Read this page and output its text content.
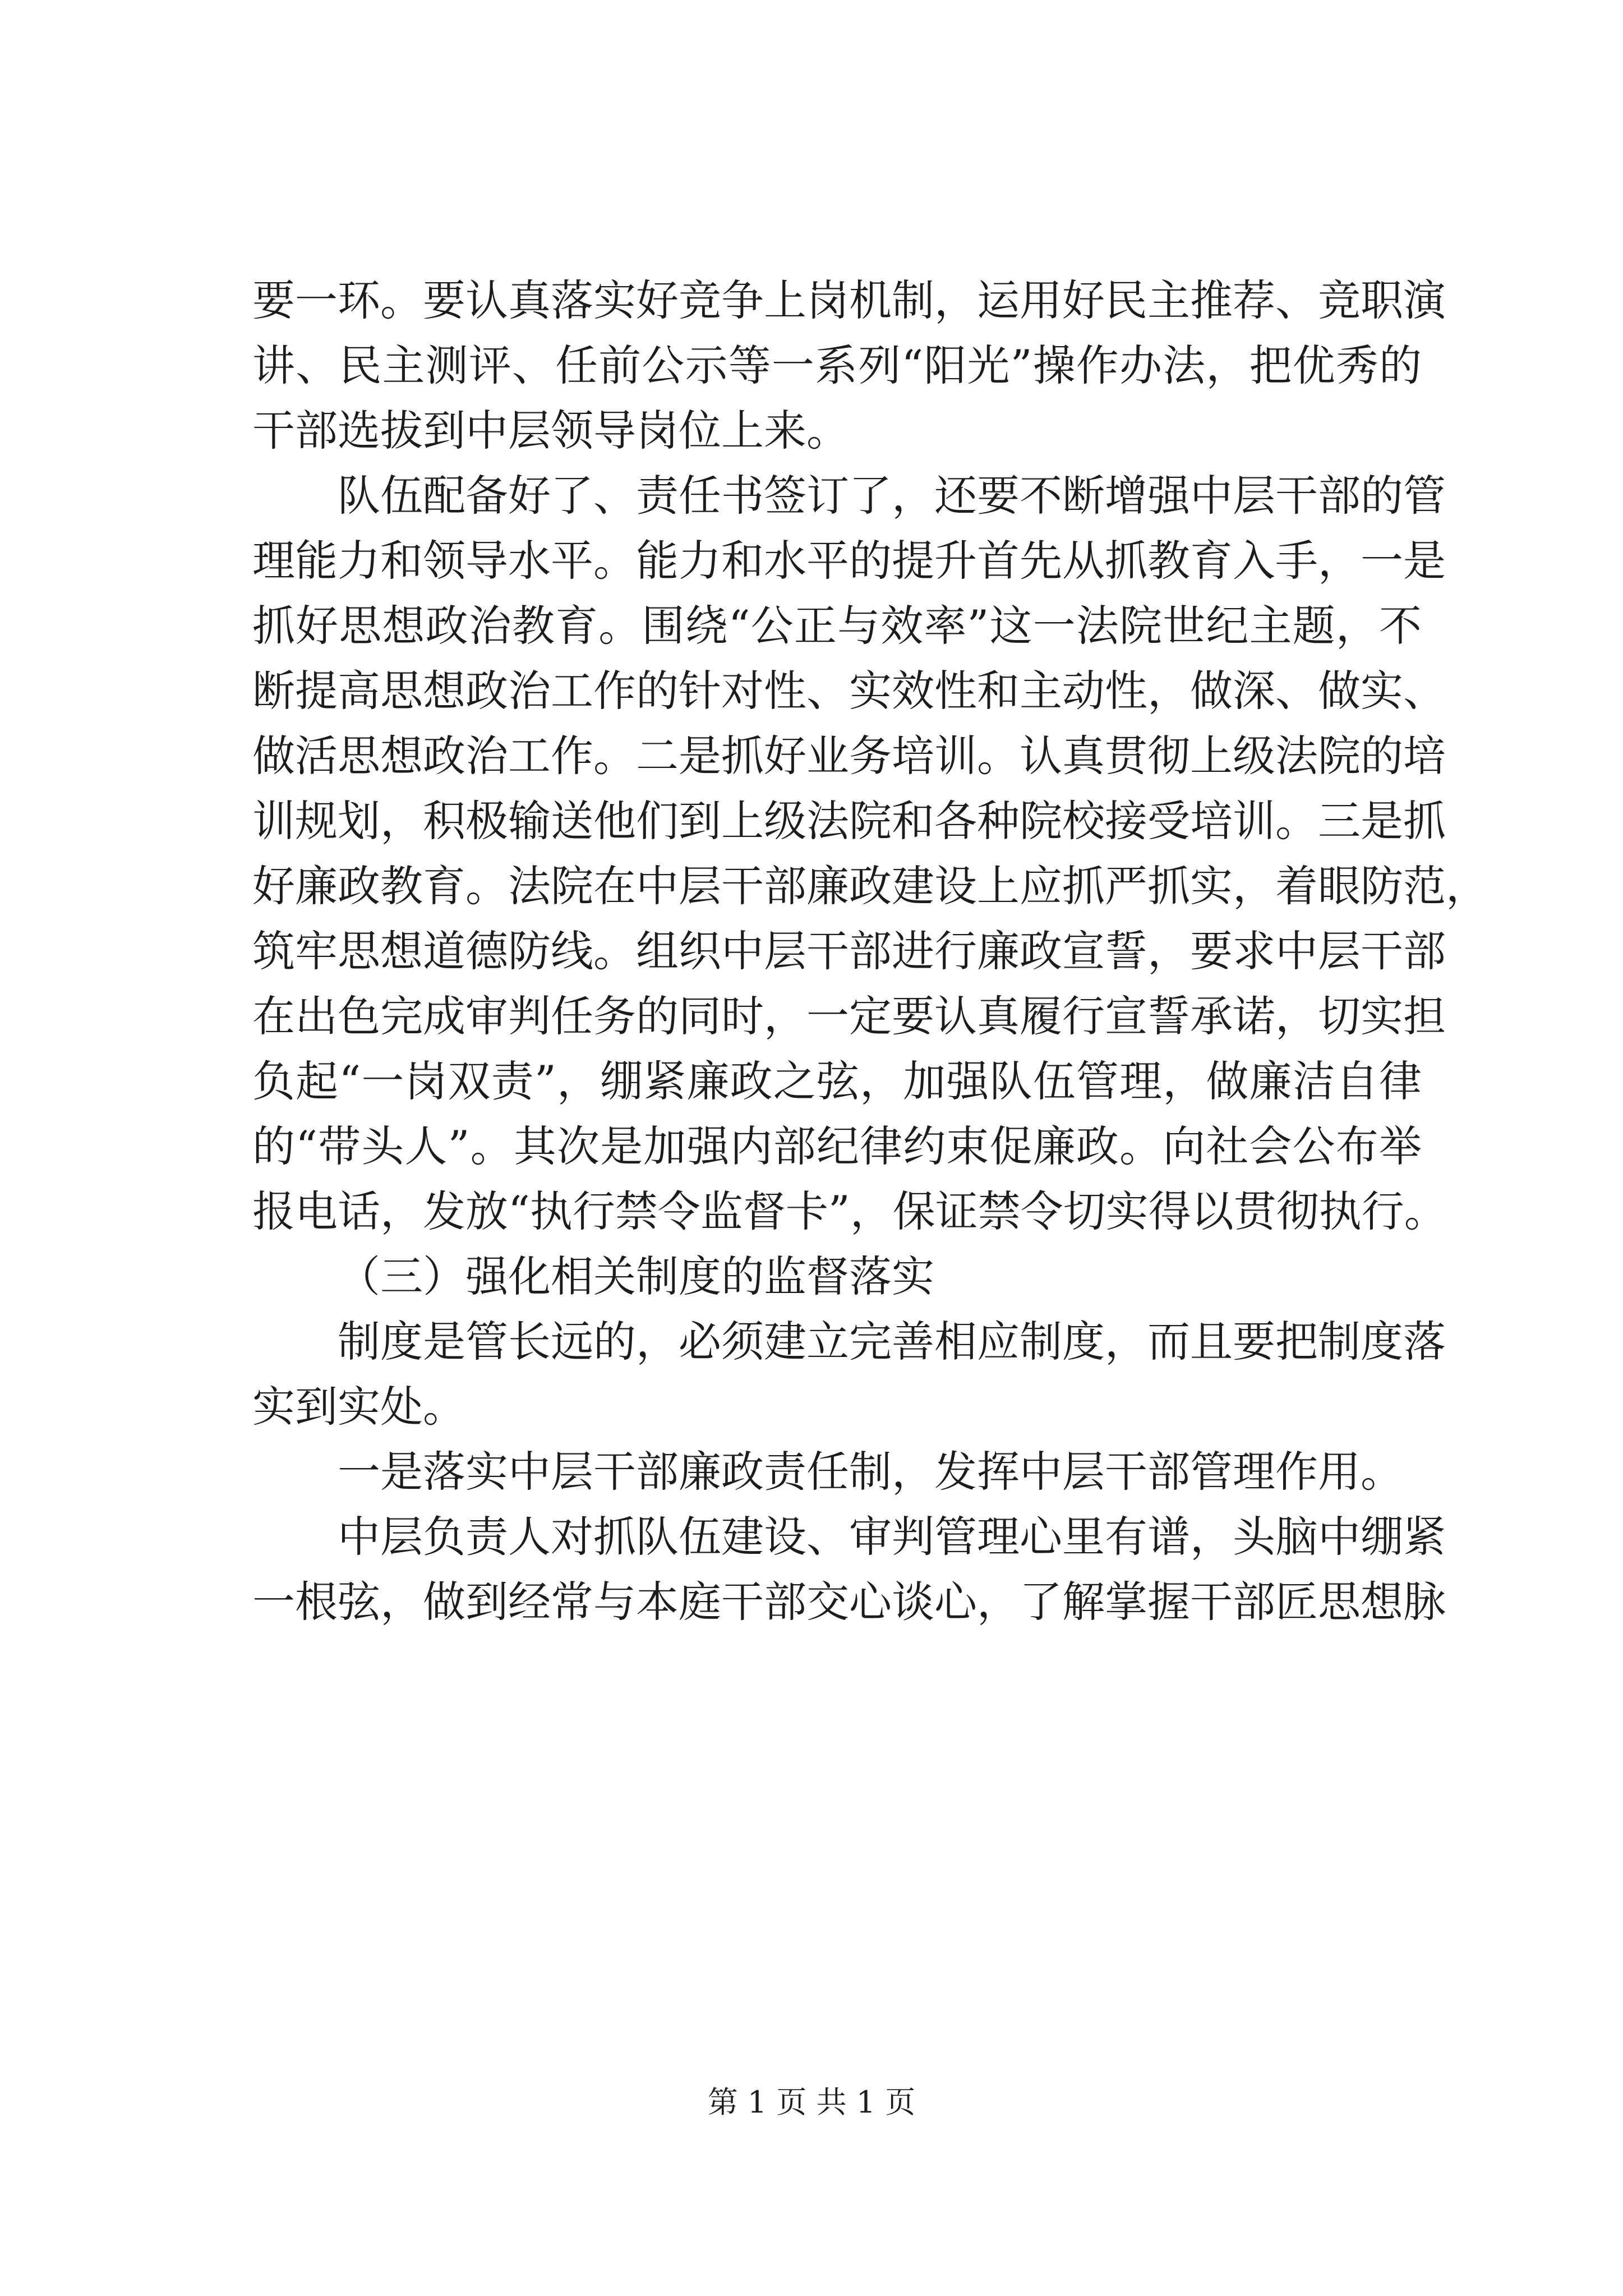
要一环。要认真落实好竞争上岗机制，运用好民主推荐、竞职演
讲、民主测评、任前公示等一系列“阳光”操作办法，把优秀的
干部选拔到中层领导岗位上来。
队伍配备好了、责任书签订了，还要不断增强中层干部的管
理能力和领导水平。能力和水平的提升首先从抓教育入手，一是
抓好思想政治教育。围绕“公正与效率”这一法院世纪主题，不
断提高思想政治工作的针对性、实效性和主动性，做深、做实、
做活思想政治工作。二是抓好业务培训。认真贯彻上级法院的培
训规划，积极输送他们到上级法院和各种院校接受培训。三是抓
好廉政教育。法院在中层干部廉政建设上应抓严抓实，着眼防范，
筑牢思想道德防线。组织中层干部进行廉政宣誓，要求中层干部
在出色完成审判任务的同时，一定要认真履行宣誓承诺，切实担
负起“一岗双责”，绷紧廉政之弦，加强队伍管理，做廉洁自律
的“带头人”。其次是加强内部纪律约束促廉政。向社会公布举
报电话，发放“执行禁令监督卡”，保证禁令切实得以贯彻执行。
（三）强化相关制度的监督落实
制度是管长远的，必须建立完善相应制度，而且要把制度落
实到实处。
一是落实中层干部廉政责任制，发挥中层干部管理作用。
中层负责人对抓队伍建设、审判管理心里有谱，头脑中绷紧
一根弦，做到经常与本庭干部交心谈心，了解掌握干部匠思想脉
第 1 页 共 1 页
